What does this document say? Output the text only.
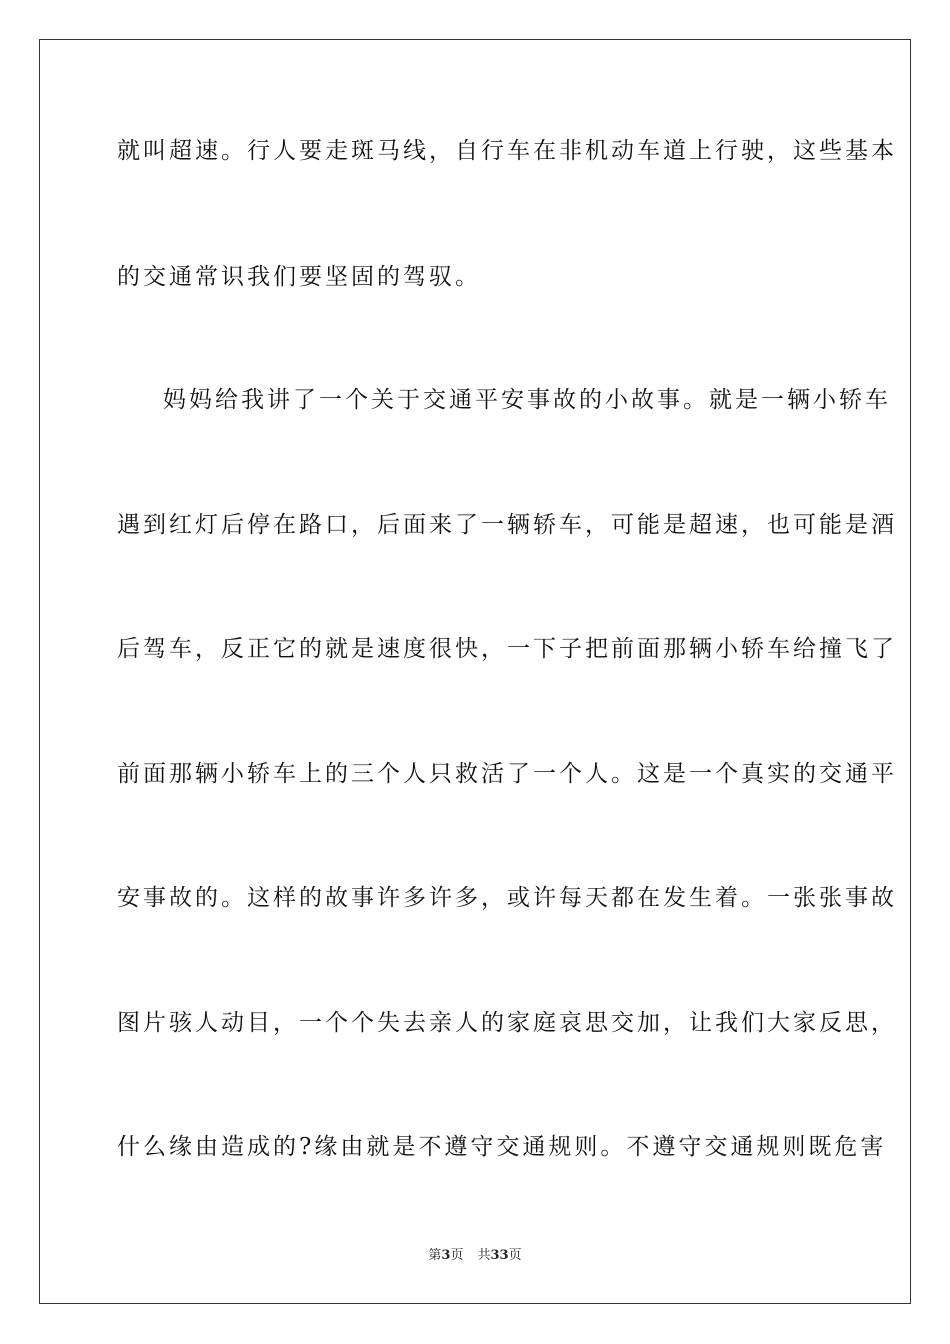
就叫超速。行人要走斑马线，自行车在非机动车道上行驶，这些基本
的交通常识我们要坚固的驾驭。
妈妈给我讲了一个关于交通平安事故的小故事。就是一辆小轿车
遇到红灯后停在路口，后面来了一辆轿车，可能是超速，也可能是酒
后驾车，反正它的就是速度很快，一下子把前面那辆小轿车给撞飞了
前面那辆小轿车上的三个人只救活了一个人。这是一个真实的交通平
安事故的。这样的故事许多许多，或许每天都在发生着。一张张事故
图片骇人动目，一个个失去亲人的家庭哀思交加，让我们大家反思，
什么缘由造成的?缘由就是不遵守交通规则。不遵守交通规则既危害
第3页 共33页
